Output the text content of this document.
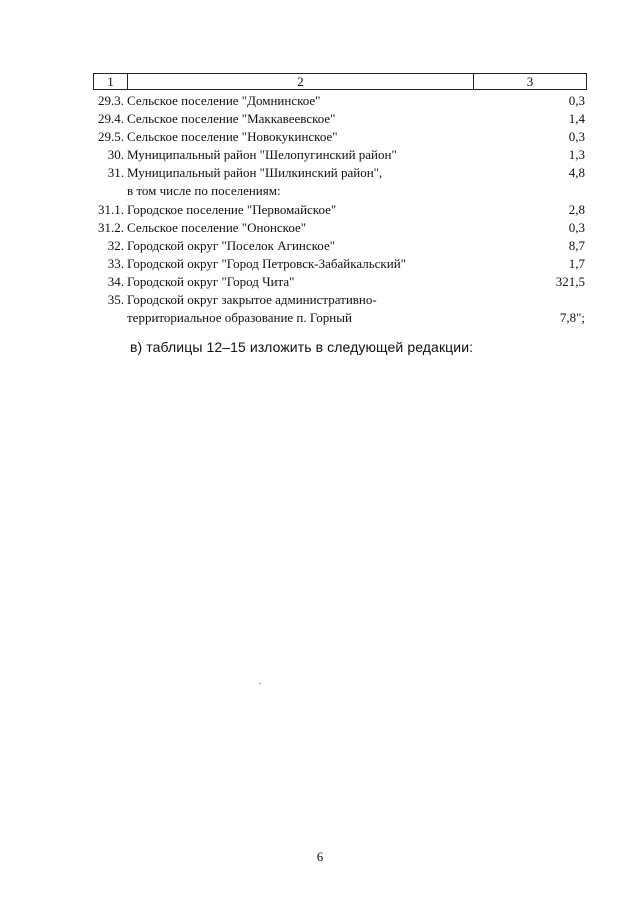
1	2	3
29.3. Сельское поселение "Домнинское"	0,3
29.4. Сельское поселение "Маккавеевское"	1,4
29.5. Сельское поселение "Новокукинское"	0,3
30. Муниципальный район "Шелопугинский район"	1,3
31. Муниципальный район "Шилкинский район",	4,8
в том числе по поселениям:
31.1. Городское поселение "Первомайское"	2,8
31.2. Сельское поселение "Ононское"	0,3
32. Городской округ "Поселок Агинское"	8,7
33. Городской округ "Город Петровск-Забайкальский"	1,7
34. Городской округ "Город Чита"	321,5
35. Городской округ закрытое административно-
территориальное образование п. Горный	7,8";
в) таблицы 12–15 изложить в следующей редакции:
6
